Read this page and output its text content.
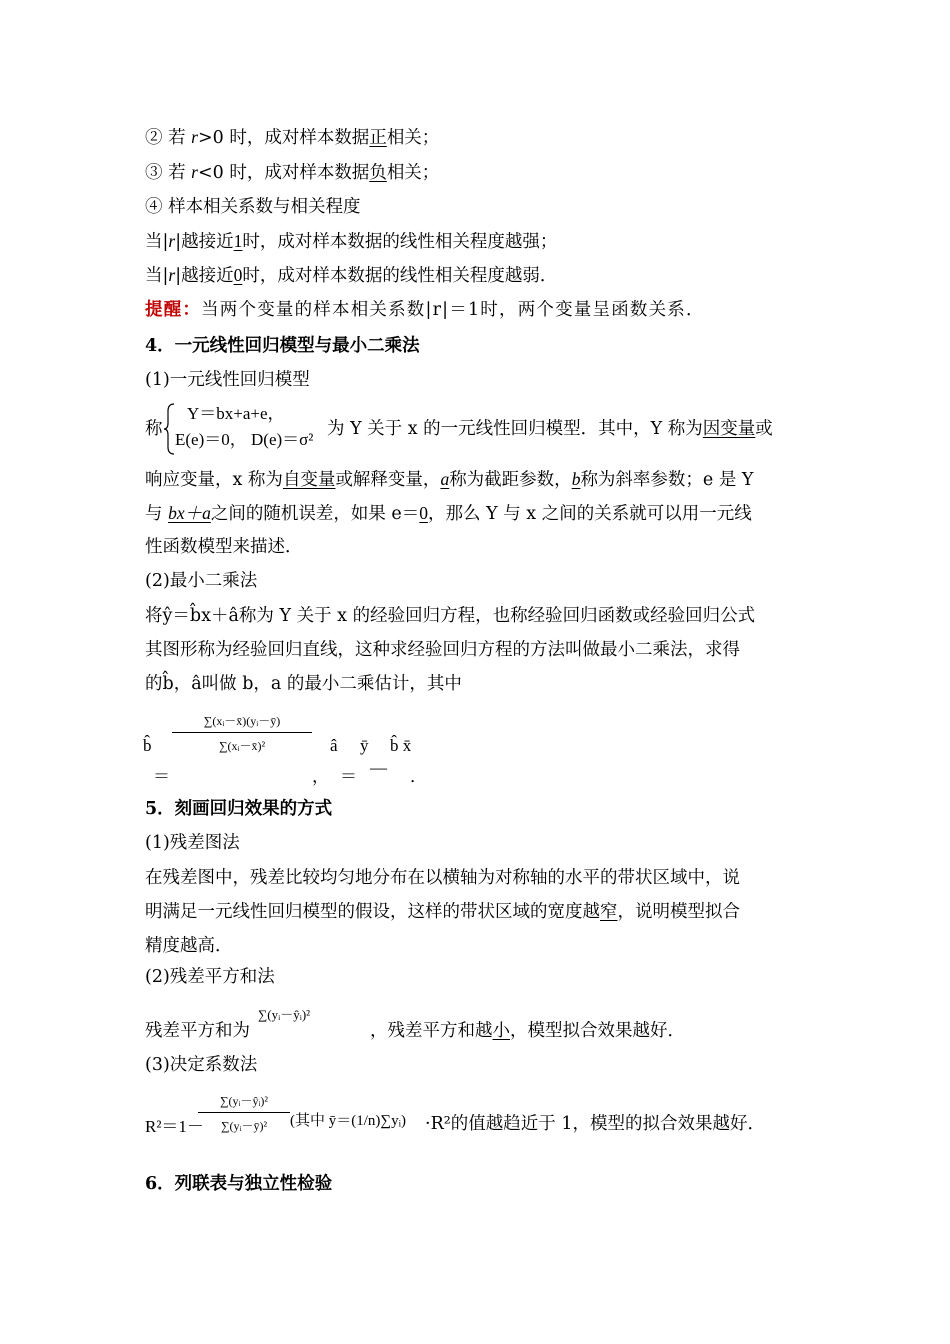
② 若 r>0 时，成对样本数据正相关；
③ 若 r<0 时，成对样本数据负相关；
④ 样本相关系数与相关程度
当|r|越接近1时，成对样本数据的线性相关程度越强；
当|r|越接近0时，成对样本数据的线性相关程度越弱．
提醒：当两个变量的样本相关系数|r|＝1时，两个变量呈函数关系．
4．一元线性回归模型与最小二乘法
(1)一元线性回归模型
称
Y＝bx+a+e，
E(e)＝0， D(e)＝σ²
为 Y 关于 x 的一元线性回归模型．其中，Y 称为因变量或
响应变量，x 称为自变量或解释变量，a称为截距参数，b称为斜率参数；e 是 Y
与 bx＋a之间的随机误差，如果 e＝0，那么 Y 与 x 之间的关系就可以用一元线
性函数模型来描述．
(2)最小二乘法
将ŷ＝b̂x＋â称为 Y 关于 x 的经验回归方程，也称经验回归函数或经验回归公式
其图形称为经验回归直线，这种求经验回归方程的方法叫做最小二乘法，求得
的b̂，â叫做 b，a 的最小二乘估计，其中
b̂
＝
$\frac{\text{∑(xᵢ－x̄)(yᵢ－ȳ)}}{\text{∑(xᵢ－x̄)²}}$
，
â
＝
ȳ
—
b̂ x̄
．
5．刻画回归效果的方式
(1)残差图法
在残差图中，残差比较均匀地分布在以横轴为对称轴的水平的带状区域中，说
明满足一元线性回归模型的假设，这样的带状区域的宽度越窄，说明模型拟合
精度越高．
(2)残差平方和法
残差平方和为
∑(yᵢ－ŷᵢ)²
，残差平方和越小，模型拟合效果越好．
(3)决定系数法
R²＝1－
$\frac{\text{∑(yᵢ－ŷᵢ)²}}{\text{∑(yᵢ－ȳ)²}}$ (其中 ȳ＝(1/n)∑yᵢ) ·R²的值越趋近于 1，模型的拟合效果越好．
6．列联表与独立性检验
